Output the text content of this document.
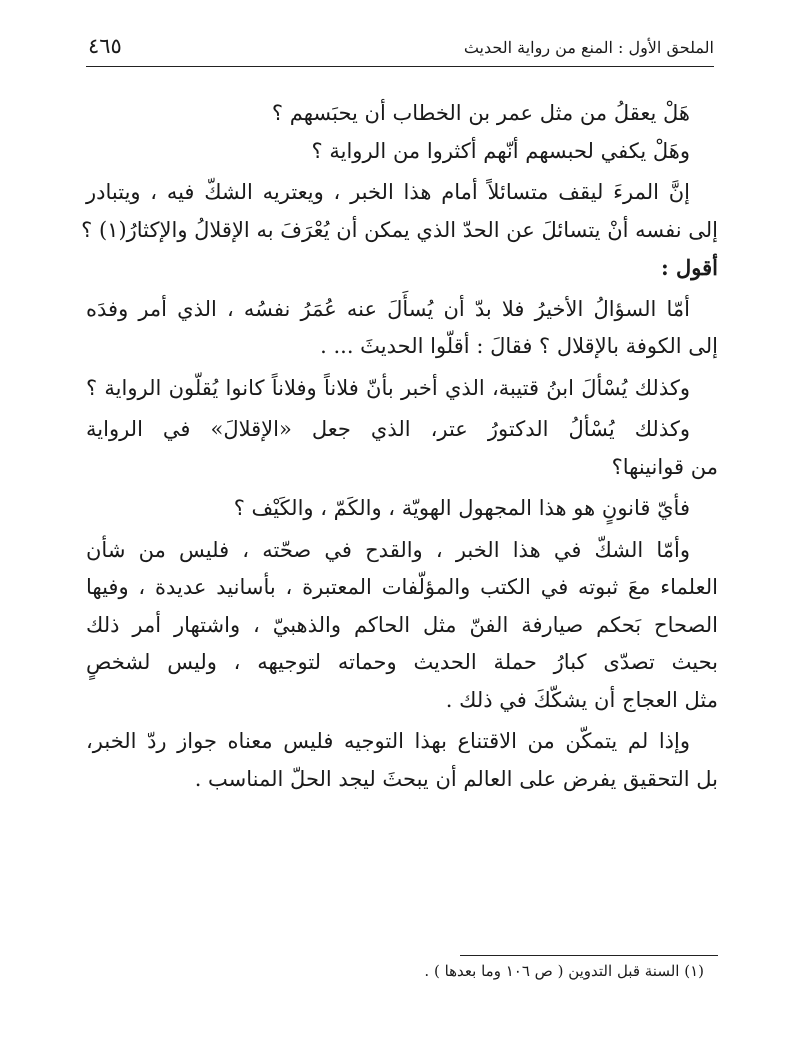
الملحق الأول : المنع من رواية الحديث
٤٦٥
هَلْ يعقلُ من مثل عمر بن الخطاب أن يحبَسهم ؟
وهَلْ يكفي لحبسهم أنّهم أكثروا من الرواية ؟
إنَّ المرءَ ليقف متسائلاً أمام هذا الخبر ، ويعتريه الشكّ فيه ، ويتبادر
إلى نفسه أنْ يتسائلَ عن الحدّ الذي يمكن أن يُعْرَفَ به الإقلالُ والإكثارُ(١) ؟
أقول :
أمّا السؤالُ الأخيرُ فلا بدّ أن يُسأَلَ عنه عُمَرُ نفسُه ، الذي أمر وفدَه
إلى الكوفة بالإقلال ؟ فقالَ : أقلّوا الحديثَ ... .
وكذلك يُسْألَ ابنُ قتيبة، الذي أخبر بأنّ فلاناً وفلاناً كانوا يُقلّون الرواية ؟
وكذلك يُسْألُ الدكتورُ عتر، الذي جعل «الإقلالَ» في الرواية
من قوانينها؟
فأيّ قانونٍ هو هذا المجهول الهويّة ، والكَمّ ، والكَيْف ؟
وأمّا الشكّ في هذا الخبر ، والقدح في صحّته ، فليس من شأن
العلماء معَ ثبوته في الكتب والمؤلّفات المعتبرة ، بأسانيد عديدة ، وفيها
الصحاح بَحكم صيارفة الفنّ مثل الحاكم والذهبيّ ، واشتهار أمر ذلك
بحيث تصدّى كبارُ حملة الحديث وحماته لتوجيهه ، وليس لشخصٍ
مثل العجاج أن يشكّكَ في ذلك .
وإذا لم يتمكّن من الاقتناع بهذا التوجيه فليس معناه جواز ردّ الخبر،
بل التحقيق يفرض على العالم أن يبحثَ ليجد الحلّ المناسب .
(١) السنة قبل التدوين ( ص ١٠٦ وما بعدها ) .
